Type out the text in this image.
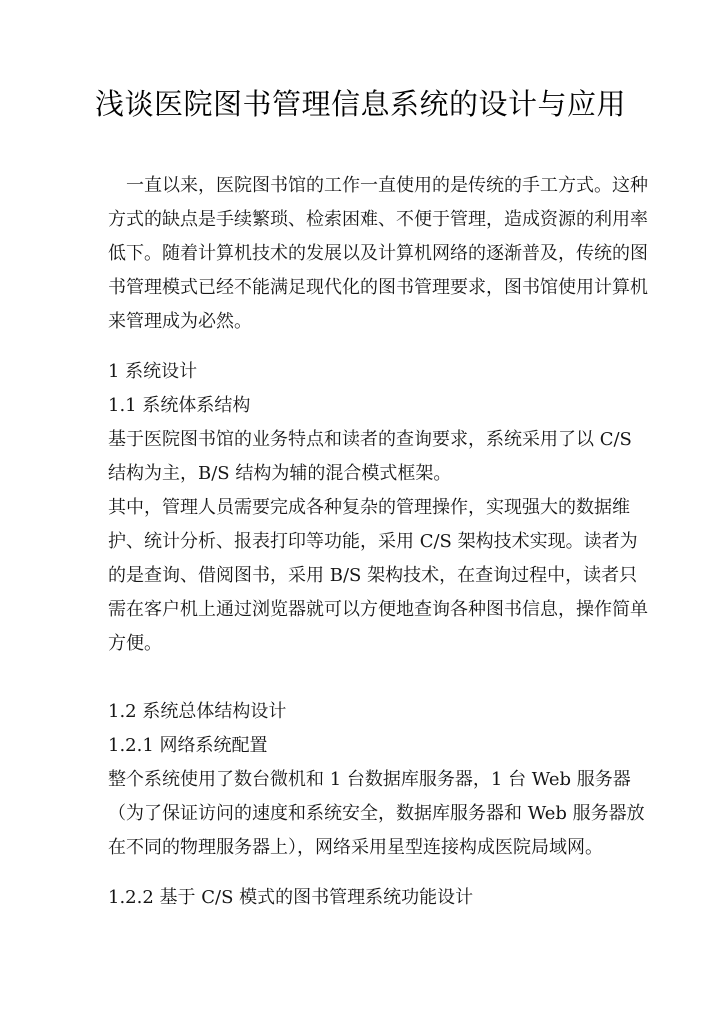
浅谈医院图书管理信息系统的设计与应用
　一直以来，医院图书馆的工作一直使用的是传统的手工方式。这种
方式的缺点是手续繁琐、检索困难、不便于管理，造成资源的利用率
低下。随着计算机技术的发展以及计算机网络的逐渐普及，传统的图
书管理模式已经不能满足现代化的图书管理要求，图书馆使用计算机
来管理成为必然。
1 系统设计
1.1 系统体系结构
基于医院图书馆的业务特点和读者的查询要求，系统采用了以 C/S
结构为主，B/S 结构为辅的混合模式框架。
其中，管理人员需要完成各种复杂的管理操作，实现强大的数据维
护、统计分析、报表打印等功能，采用 C/S 架构技术实现。读者为
的是查询、借阅图书，采用 B/S 架构技术，在查询过程中，读者只
需在客户机上通过浏览器就可以方便地查询各种图书信息，操作简单
方便。
1.2 系统总体结构设计
1.2.1 网络系统配置
整个系统使用了数台微机和 1 台数据库服务器，1 台 Web 服务器
（为了保证访问的速度和系统安全，数据库服务器和 Web 服务器放
在不同的物理服务器上），网络采用星型连接构成医院局域网。
1.2.2 基于 C/S 模式的图书管理系统功能设计
